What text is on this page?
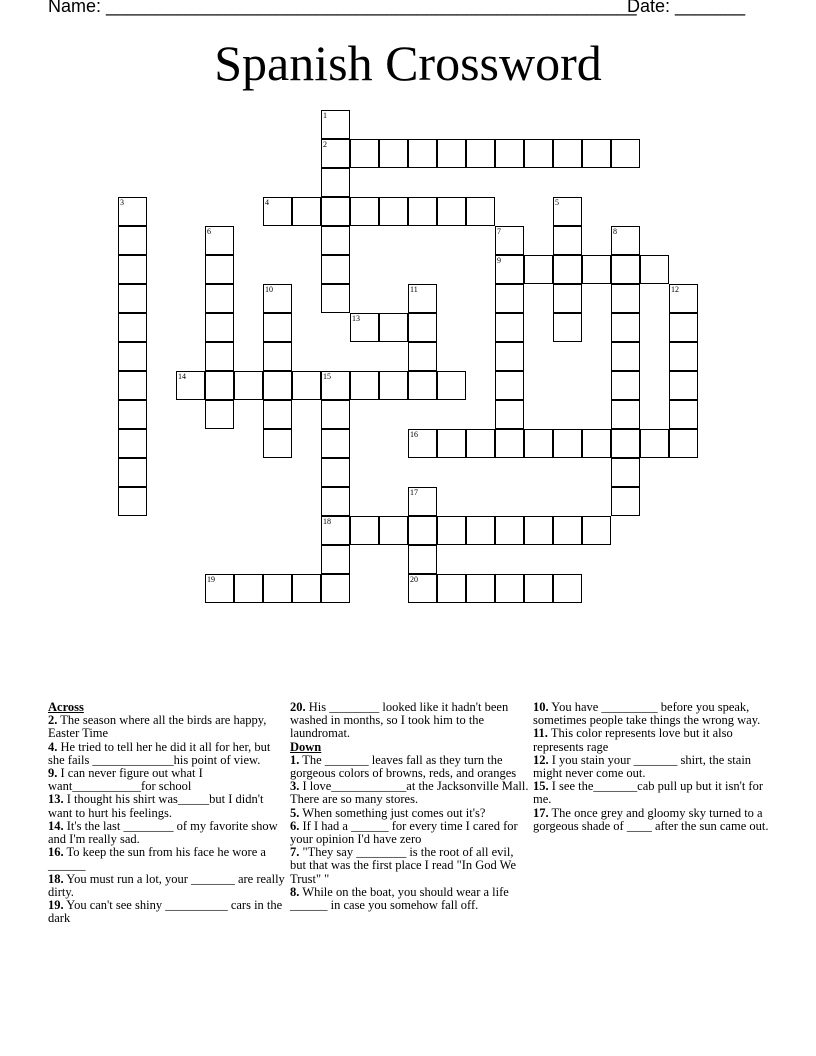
Name: _____________________________________________________
Date: _______
Spanish Crossword
1
2
3	4	5
6	7
9
8
10	11	12
13
14	15
18
16
17
20
19
Across
2. The season where all the birds are happy, Easter Time
4. He tried to tell her he did it all for her, but she fails _____________his point of view.
9. I can never figure out what I want___________for school
13. I thought his shirt was_____but I didn't want to hurt his feelings.
14. It's the last ________ of my favorite show and I'm really sad.
16. To keep the sun from his face he wore a ______
18. You must run a lot, your _______ are really dirty.
19. You can't see shiny __________ cars in the dark
20. His ________ looked like it hadn't been washed in months, so I took him to the laundromat.
Down
1. The _______ leaves fall as they turn the gorgeous colors of browns, reds, and oranges
3. I love____________at the Jacksonville Mall. There are so many stores.
5. When something just comes out it's?
6. If I had a ______ for every time I cared for your opinion I'd have zero
7. "They say ________ is the root of all evil, but that was the first place I read "In God We Trust" "
8. While on the boat, you should wear a life ______ in case you somehow fall off.
10. You have _________ before you speak, sometimes people take things the wrong way.
11. This color represents love but it also represents rage
12. I you stain your _______ shirt, the stain might never come out.
15. I see the_______cab pull up but it isn't for me.
17. The once grey and gloomy sky turned to a gorgeous shade of ____ after the sun came out.
